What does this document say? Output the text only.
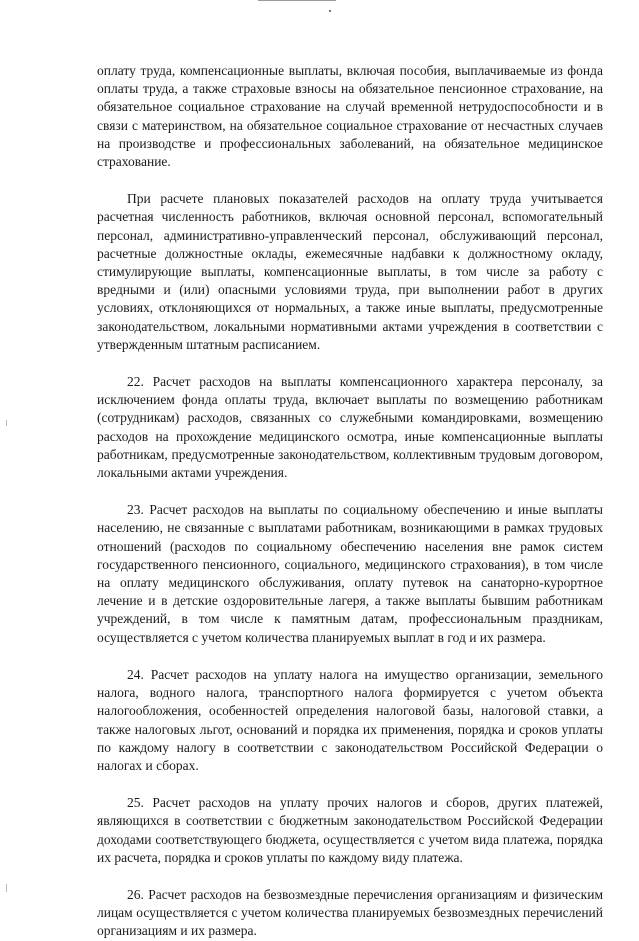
оплату труда, компенсационные выплаты, включая пособия, выплачиваемые из фонда оплаты труда, а также страховые взносы на обязательное пенсионное страхование, на обязательное социальное страхование на случай временной нетрудоспособности и в связи с материнством, на обязательное социальное страхование от несчастных случаев на производстве и профессиональных заболеваний, на обязательное медицинское страхование.

При расчете плановых показателей расходов на оплату труда учитывается расчетная численность работников, включая основной персонал, вспомогательный персонал, административно-управленческий персонал, обслуживающий персонал, расчетные должностные оклады, ежемесячные надбавки к должностному окладу, стимулирующие выплаты, компенсационные выплаты, в том числе за работу с вредными и (или) опасными условиями труда, при выполнении работ в других условиях, отклоняющихся от нормальных, а также иные выплаты, предусмотренные законодательством, локальными нормативными актами учреждения в соответствии с утвержденным штатным расписанием.

22. Расчет расходов на выплаты компенсационного характера персоналу, за исключением фонда оплаты труда, включает выплаты по возмещению работникам (сотрудникам) расходов, связанных со служебными командировками, возмещению расходов на прохождение медицинского осмотра, иные компенсационные выплаты работникам, предусмотренные законодательством, коллективным трудовым договором, локальными актами учреждения.

23. Расчет расходов на выплаты по социальному обеспечению и иные выплаты населению, не связанные с выплатами работникам, возникающими в рамках трудовых отношений (расходов по социальному обеспечению населения вне рамок систем государственного пенсионного, социального, медицинского страхования), в том числе на оплату медицинского обслуживания, оплату путевок на санаторно-курортное лечение и в детские оздоровительные лагеря, а также выплаты бывшим работникам учреждений, в том числе к памятным датам, профессиональным праздникам, осуществляется с учетом количества планируемых выплат в год и их размера.

24. Расчет расходов на уплату налога на имущество организации, земельного налога, водного налога, транспортного налога формируется с учетом объекта налогообложения, особенностей определения налоговой базы, налоговой ставки, а также налоговых льгот, оснований и порядка их применения, порядка и сроков уплаты по каждому налогу в соответствии с законодательством Российской Федерации о налогах и сборах.

25. Расчет расходов на уплату прочих налогов и сборов, других платежей, являющихся в соответствии с бюджетным законодательством Российской Федерации доходами соответствующего бюджета, осуществляется с учетом вида платежа, порядка их расчета, порядка и сроков уплаты по каждому виду платежа.

26. Расчет расходов на безвозмездные перечисления организациям и физическим лицам осуществляется с учетом количества планируемых безвозмездных перечислений организациям и их размера.
